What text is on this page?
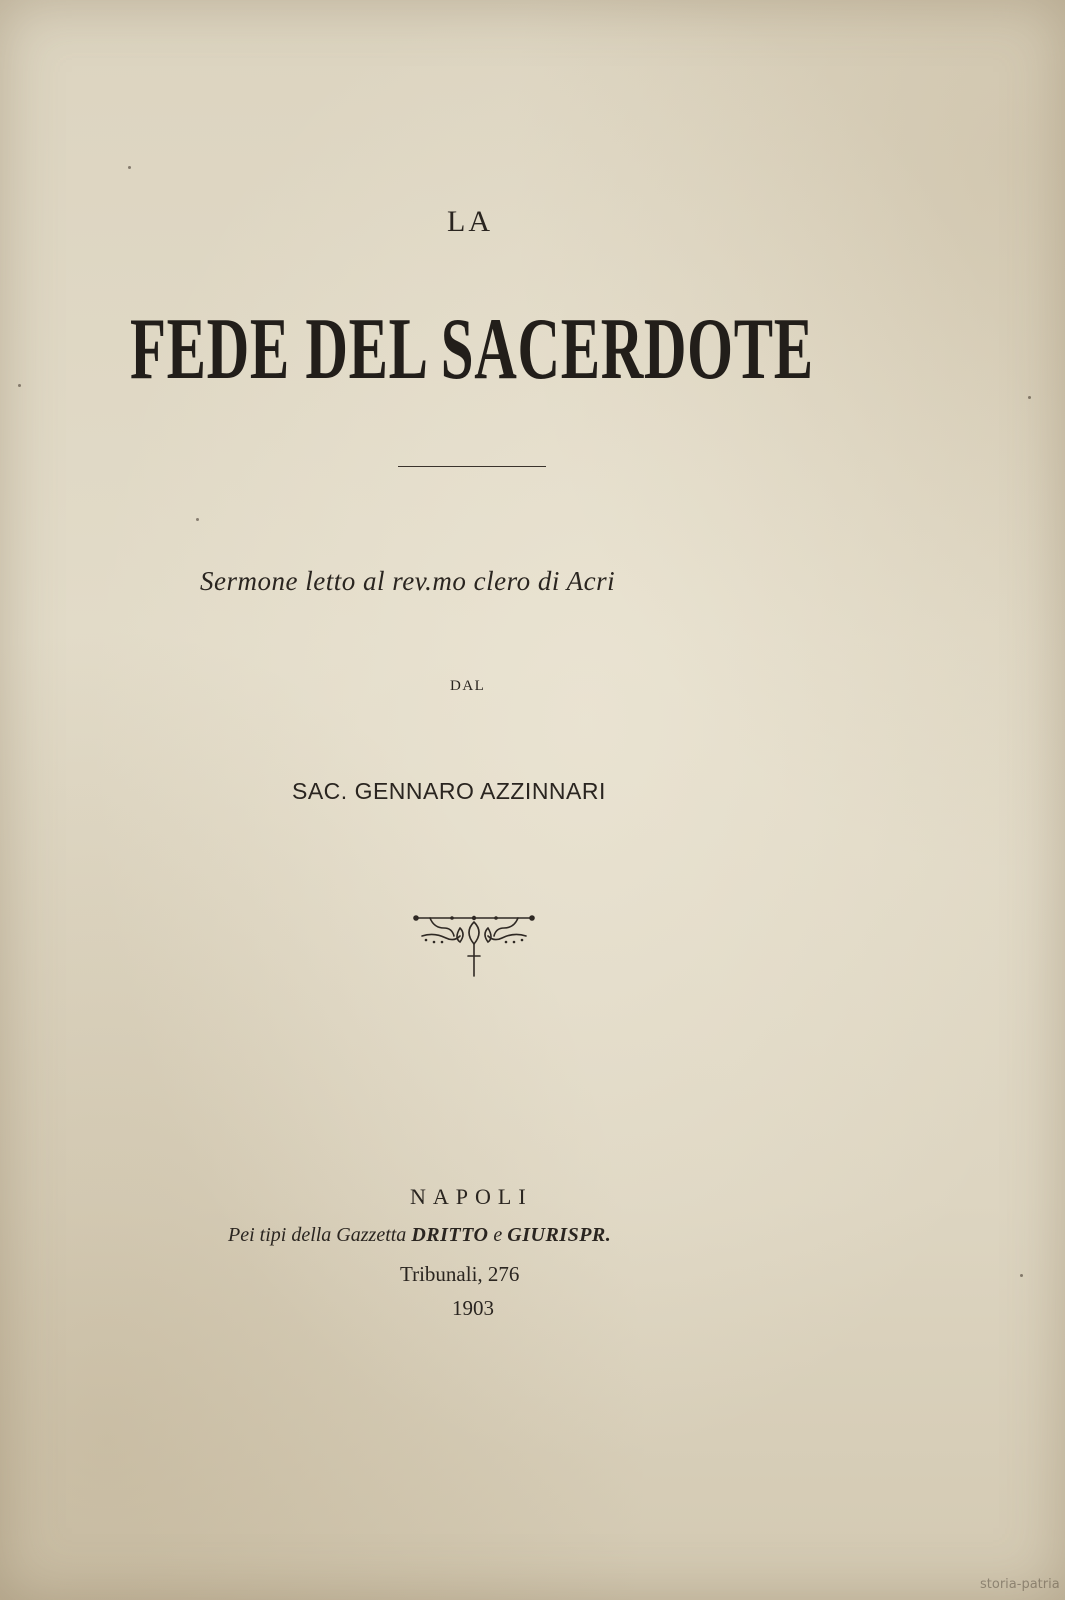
LA
FEDE DEL SACERDOTE
Sermone letto al rev.mo clero di Acri
DAL
SAC. GENNARO AZZINNARI
NAPOLI
Pei tipi della Gazzetta DRITTO e GIURISPR.
Tribunali, 276
1903
storia-patria
